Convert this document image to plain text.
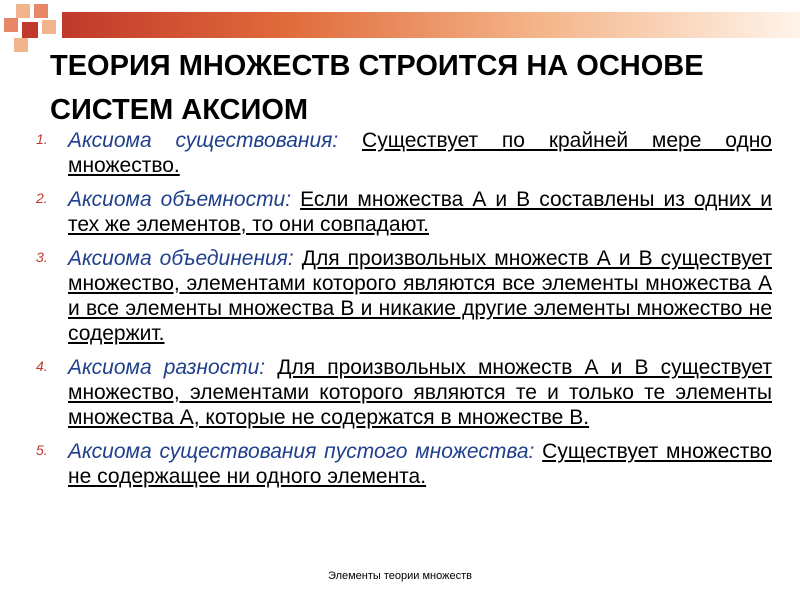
ТЕОРИЯ МНОЖЕСТВ СТРОИТСЯ НА ОСНОВЕ СИСТЕМ АКСИОМ
1. Аксиома существования: Существует по крайней мере одно множество.

2. Аксиома объемности: Если множества А и В составлены из одних и тех же элементов, то они совпадают.

3. Аксиома объединения: Для произвольных множеств А и В существует множество, элементами которого являются все элементы множества А и все элементы множества В и никакие другие элементы множество не содержит.

4. Аксиома разности: Для произвольных множеств А и В существует множество, элементами которого являются те и только те элементы множества А, которые не содержатся в множестве В.

5. Аксиома существования пустого множества: Существует множество не содержащее ни одного элемента.

Элементы теории множеств
